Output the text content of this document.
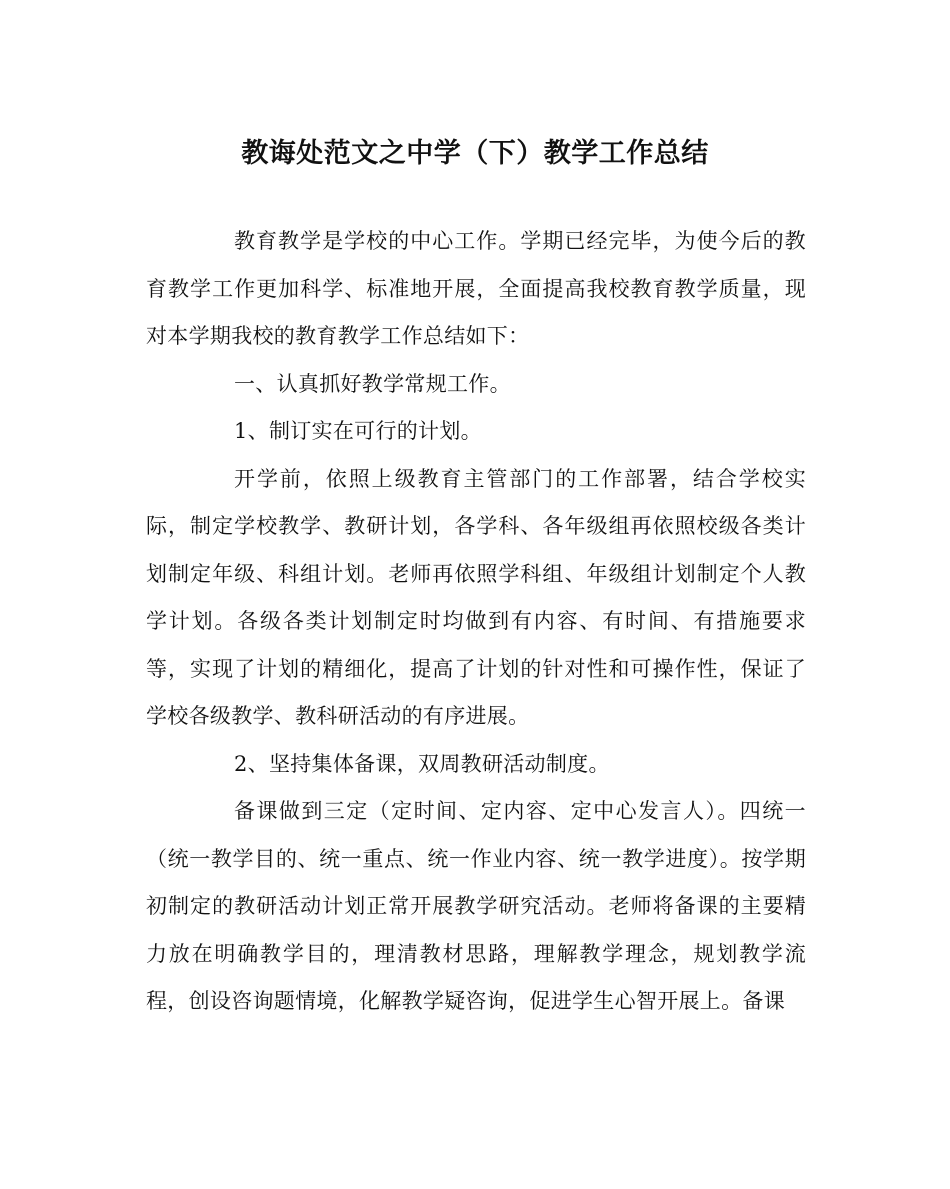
教诲处范文之中学（下）教学工作总结

教育教学是学校的中心工作。学期已经完毕，为使今后的教育教学工作更加科学、标准地开展，全面提高我校教育教学质量，现对本学期我校的教育教学工作总结如下：

一、认真抓好教学常规工作。

1、制订实在可行的计划。

开学前，依照上级教育主管部门的工作部署，结合学校实际，制定学校教学、教研计划，各学科、各年级组再依照校级各类计划制定年级、科组计划。老师再依照学科组、年级组计划制定个人教学计划。各级各类计划制定时均做到有内容、有时间、有措施要求等，实现了计划的精细化，提高了计划的针对性和可操作性，保证了学校各级教学、教科研活动的有序进展。

2、坚持集体备课，双周教研活动制度。

备课做到三定（定时间、定内容、定中心发言人）。四统一（统一教学目的、统一重点、统一作业内容、统一教学进度）。按学期初制定的教研活动计划正常开展教学研究活动。老师将备课的主要精力放在明确教学目的，理清教材思路，理解教学理念，规划教学流程，创设咨询题情境，化解教学疑咨询，促进学生心智开展上。备课
